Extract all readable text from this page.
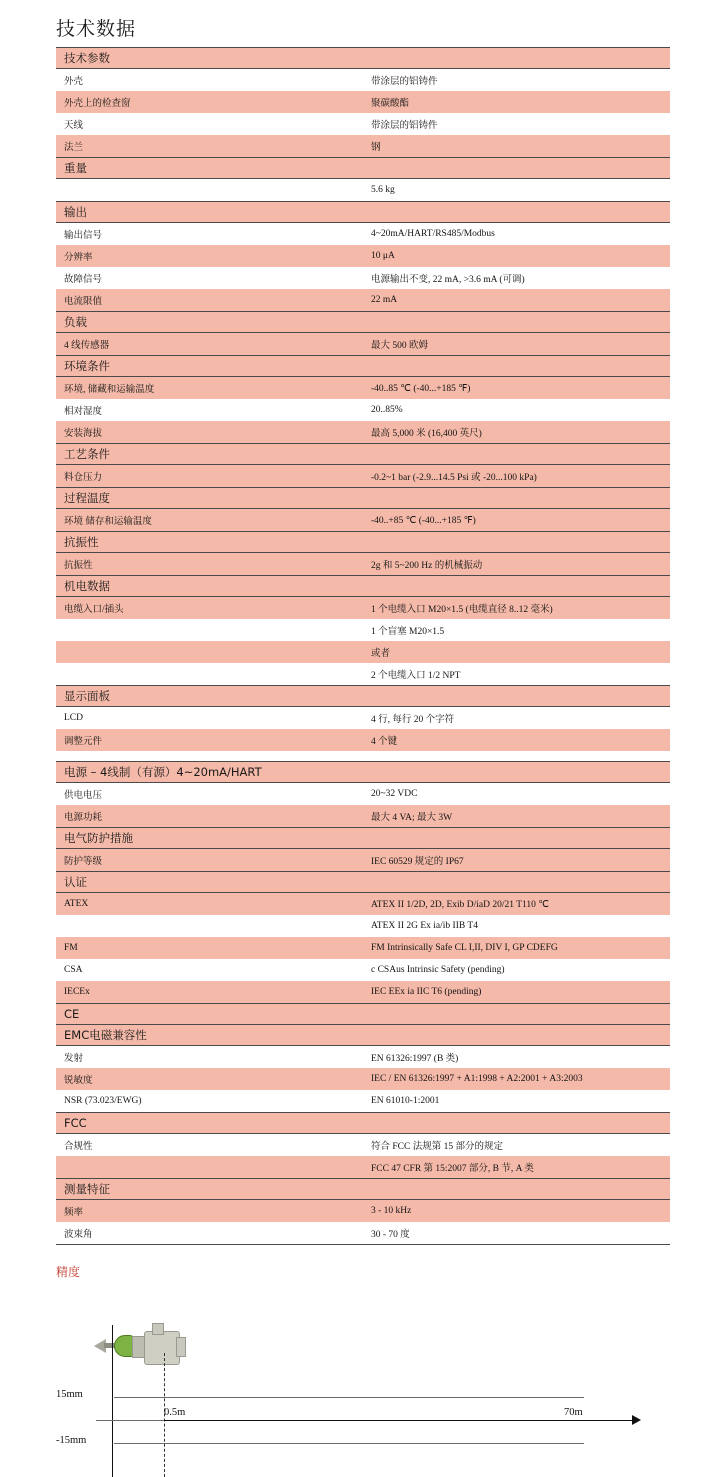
技术数据
技术参数	
外壳	带涂层的铝铸件
外壳上的检查窗	聚碳酸酯
天线	带涂层的铝铸件
法兰	钢
重量	
	5.6 kg
输出	
输出信号	4~20mA/HART/RS485/Modbus
分辨率	10 μA
故障信号	电源输出不变, 22 mA, >3.6 mA (可调)
电流限值	22 mA
负载	
4 线传感器	最大 500 欧姆
环境条件	
环境, 储藏和运输温度	-40..85 ℃ (-40...+185 ℉)
相对湿度	20..85%
安装海拔	最高 5,000 米 (16,400 英尺)
工艺条件	
料仓压力	-0.2~1 bar (-2.9...14.5 Psi 或 -20...100 kPa)
过程温度	
环境 储存和运输温度	-40..+85 ℃ (-40...+185 ℉)
抗振性	
抗振性	2g 和 5~200 Hz 的机械振动
机电数据	
电缆入口/插头	1 个电缆入口 M20×1.5 (电缆直径 8..12 毫米)
	1 个盲塞 M20×1.5
	或者
	2 个电缆入口 1/2 NPT
显示面板	
LCD	4 行, 每行 20 个字符
调整元件	4 个键

电源 – 4线制（有源）4~20mA/HART	
供电电压	20~32 VDC
电源功耗	最大 4 VA; 最大 3W
电气防护措施	
防护等级	IEC 60529 规定的 IP67
认证	
ATEX	ATEX II 1/2D, 2D, Exib D/iaD 20/21 T110 ℃
	ATEX II 2G Ex ia/ib IIB T4
FM	FM Intrinsically Safe CL I,II, DIV I, GP CDEFG
CSA	c CSAus Intrinsic Safety (pending)
IECEx	IEC EEx ia IIC T6 (pending)
CE	
EMC电磁兼容性	
发射	EN 61326:1997 (B 类)
锐敏度	IEC / EN 61326:1997 + A1:1998 + A2:2001 + A3:2003
NSR (73.023/EWG)	EN 61010-1:2001
FCC	
合规性	符合 FCC 法规第 15 部分的规定
	FCC 47 CFR 第 15:2007 部分, B 节, A 类
测量特征	
频率	3 - 10 kHz
波束角	30 - 70 度

精度
15mm
-15mm
0.5m	70m
